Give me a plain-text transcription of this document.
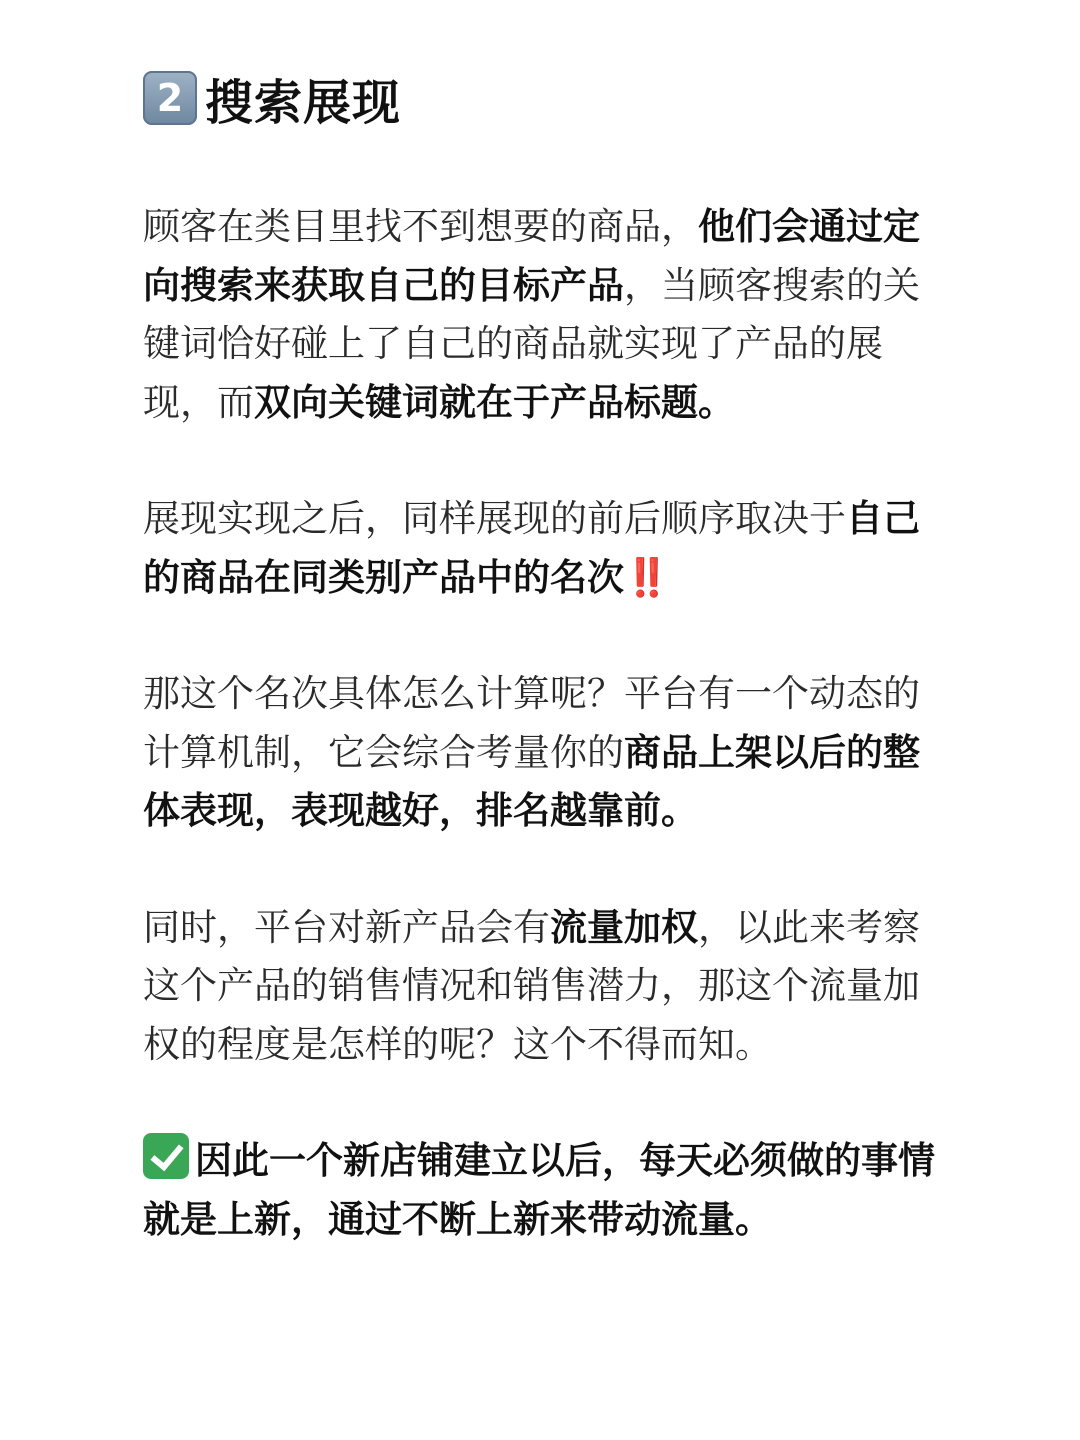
2 搜索展现

顾客在类目里找不到想要的商品，他们会通过定向搜索来获取自己的目标产品，当顾客搜索的关键词恰好碰上了自己的商品就实现了产品的展现，而双向关键词就在于产品标题。

展现实现之后，同样展现的前后顺序取决于自己的商品在同类别产品中的名次‼️

那这个名次具体怎么计算呢？平台有一个动态的计算机制，它会综合考量你的商品上架以后的整体表现，表现越好，排名越靠前。

同时，平台对新产品会有流量加权，以此来考察这个产品的销售情况和销售潜力，那这个流量加权的程度是怎样的呢？这个不得而知。

因此一个新店铺建立以后，每天必须做的事情就是上新，通过不断上新来带动流量。
